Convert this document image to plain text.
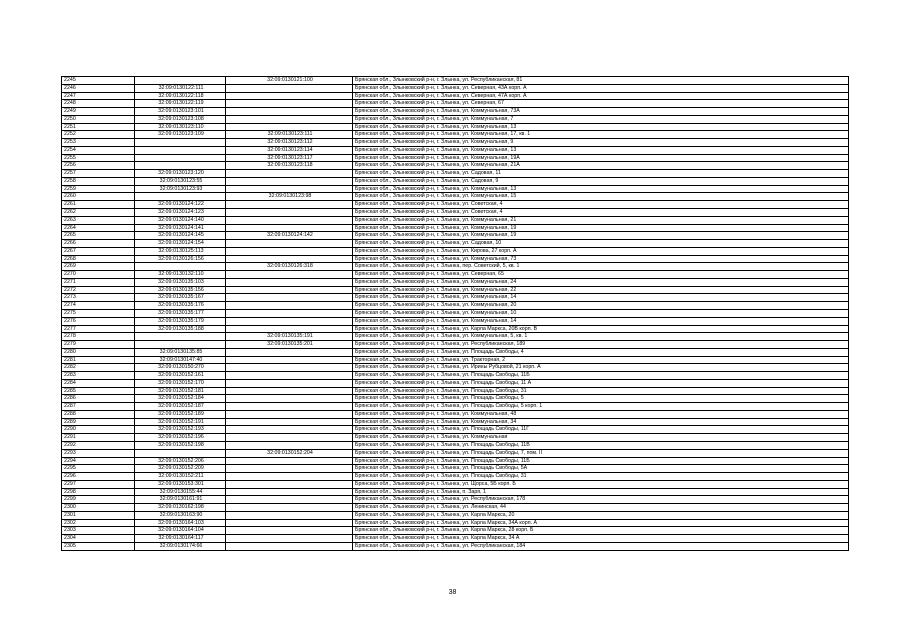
2245		32:09:0130121:100	Брянская обл., Злынковский р-н, г. Злынка, ул. Республиканская, 81
2246	32:09:0130122:111		Брянская обл., Злынковский р-н, г. Злынка, ул. Северная, 43А корп. А
2247	32:09:0130122:118		Брянская обл., Злынковский р-н, г. Злынка, ул. Северная, 47А корп. А
2248	32:09:0130122:119		Брянская обл., Злынковский р-н, г. Злынка, ул. Северная, 67
2249	32:09:0130123:101		Брянская обл., Злынковский р-н, г. Злынка, ул. Коммунальная, 73А
2250	32:09:0130123:108		Брянская обл., Злынковский р-н, г. Злынка, ул. Коммунальная, 7
2251	32:09:0130123:110		Брянская обл., Злынковский р-н, г. Злынка, ул. Коммунальная, 13
2252	32:09:0130123:109	32:09:0130123:111	Брянская обл., Злынковский р-н, г. Злынка, ул. Коммунальная, 17, кв. 1
2253		32:09:0130123:112	Брянская обл., Злынковский р-н, г. Злынка, ул. Коммунальная, 9
2254		32:09:0130123:114	Брянская обл., Злынковский р-н, г. Злынка, ул. Коммунальная, 13
2255		32:09:0130123:117	Брянская обл., Злынковский р-н, г. Злынка, ул. Коммунальная, 19А
2256		32:09:0130123:118	Брянская обл., Злынковский р-н, г. Злынка, ул. Коммунальная, 21А
2257	32:09:0130123:120		Брянская обл., Злынковский р-н, г. Злынка, ул. Садовая, 11
2258	32:09:0130123:55		Брянская обл., Злынковский р-н, г. Злынка, ул. Садовая, 9
2259	32:09:0130123:93		Брянская обл., Злынковский р-н, г. Злынка, ул. Коммунальная, 13
2260		32:09:0130123:98	Брянская обл., Злынковский р-н, г. Злынка, ул. Коммунальная, 15
2261	32:09:0130124:122		Брянская обл., Злынковский р-н, г. Злынка, ул. Советская, 4
2262	32:09:0130124:123		Брянская обл., Злынковский р-н, г. Злынка, ул. Советская, 4
2263	32:09:0130124:140		Брянская обл., Злынковский р-н, г. Злынка, ул. Коммунальная, 21
2264	32:09:0130124:141		Брянская обл., Злынковский р-н, г. Злынка, ул. Коммунальная, 19
2265	32:09:0130124:145	32:09:0130124:142	Брянская обл., Злынковский р-н, г. Злынка, ул. Коммунальная, 19
2266	32:09:0130124:154		Брянская обл., Злынковский р-н, г. Злынка, ул. Садовая, 10
2267	32:09:0130125:113		Брянская обл., Злынковский р-н, г. Злынка, ул. Кирова, 27 корп. А
2268	32:09:0130126:156		Брянская обл., Злынковский р-н, г. Злынка, ул. Коммунальная, 73
2269		32:09:0130126:318	Брянская обл., Злынковский р-н, г. Злынка, пер. Советский, 5, кв. 1
2270	32:09:0130132:110		Брянская обл., Злынковский р-н, г. Злынка, ул. Северная, 65
2271	32:09:0130135:103		Брянская обл., Злынковский р-н, г. Злынка, ул. Коммунальная, 24
2272	32:09:0130135:156		Брянская обл., Злынковский р-н, г. Злынка, ул. Коммунальная, 22
2273	32:09:0130135:167		Брянская обл., Злынковский р-н, г. Злынка, ул. Коммунальная, 14
2274	32:09:0130135:176		Брянская обл., Злынковский р-н, г. Злынка, ул. Коммунальная, 20
2275	32:09:0130135:177		Брянская обл., Злынковский р-н, г. Злынка, ул. Коммунальная, 10
2276	32:09:0130135:179		Брянская обл., Злынковский р-н, г. Злынка, ул. Коммунальная, 14
2277	32:09:0130135:188		Брянская обл., Злынковский р-н, г. Злынка, ул. Карла Маркса, 20В корп. В
2278		32:09:0130135:191	Брянская обл., Злынковский р-н, г. Злынка, ул. Коммунальная, 5, кв. 1
2279		32:09:0130135:201	Брянская обл., Злынковский р-н, г. Злынка, ул. Республиканская, 189
2280	32:09:0130135:85		Брянская обл., Злынковский р-н, г. Злынка, ул. Площадь Свободы, 4
2281	32:09:0130147:40		Брянская обл., Злынковский р-н, г. Злынка, ул. Тракторная, 2
2282	32:09:0130150:270		Брянская обл., Злынковский р-н, г. Злынка, ул. Ирины Рубцовой, 21 корп. А
2283	32:09:0130152:161		Брянская обл., Злынковский р-н, г. Злынка, ул. Площадь Свободы, 11Б
2284	32:09:0130152:170		Брянская обл., Злынковский р-н, г. Злынка, ул. Площадь Свободы, 11 А
2285	32:09:0130152:181		Брянская обл., Злынковский р-н, г. Злынка, ул. Площадь Свободы, 31
2286	32:09:0130152:184		Брянская обл., Злынковский р-н, г. Злынка, ул. Площадь Свободы, 5
2287	32:09:0130152:187		Брянская обл., Злынковский р-н, г. Злынка, ул. Площадь Свободы, 5 корп. 1
2288	32:09:0130152:189		Брянская обл., Злынковский р-н, г. Злынка, ул. Коммунальная, 48
2289	32:09:0130152:191		Брянская обл., Злынковский р-н, г. Злынка, ул. Коммунальная, 34
2290	32:09:0130152:193		Брянская обл., Злынковский р-н, г. Злынка, ул. Площадь Свободы, 11Г
2291	32:09:0130152:196		Брянская обл., Злынковский р-н, г. Злынка, ул. Коммунальная
2292	32:09:0130152:198		Брянская обл., Злынковский р-н, г. Злынка, ул. Площадь Свободы, 11В
2293		32:09:0130152:204	Брянская обл., Злынковский р-н, г. Злынка, ул. Площадь Свободы, 7, пом. II
2294	32:09:0130152:206		Брянская обл., Злынковский р-н, г. Злынка, ул. Площадь Свободы, 11Б
2295	32:09:0130152:209		Брянская обл., Злынковский р-н, г. Злынка, ул. Площадь Свободы, 5А
2296	32:09:0130152:211		Брянская обл., Злынковский р-н, г. Злынка, ул. Площадь Свободы, 31
2297	32:09:0130153:301		Брянская обл., Злынковский р-н, г. Злынка, ул. Щорса, 5Б корп. Б
2298	32:09:0130155:44		Брянская обл., Злынковский р-н, г. Злынка, п. Заря, 1
2299	32:09:0130161:91		Брянская обл., Злынковский р-н, г. Злынка, ул. Республиканская, 178
2300	32:09:0130162:198		Брянская обл., Злынковский р-н, г. Злынка, ул. Ленинская, 44
2301	32:09:0130163:90		Брянская обл., Злынковский р-н, г. Злынка, ул. Карла Маркса, 20
2302	32:09:0130164:103		Брянская обл., Злынковский р-н, г. Злынка, ул. Карла Маркса, 34А корп. А
2303	32:09:0130164:104		Брянская обл., Злынковский р-н, г. Злынка, ул. Карла Маркса, 28 корп. Б
2304	32:09:0130164:117		Брянская обл., Злынковский р-н, г. Злынка, ул. Карла Маркса, 34 А
2305	32:09:0130174:66		Брянская обл., Злынковский р-н, г. Злынка, ул. Республиканская, 184
38
